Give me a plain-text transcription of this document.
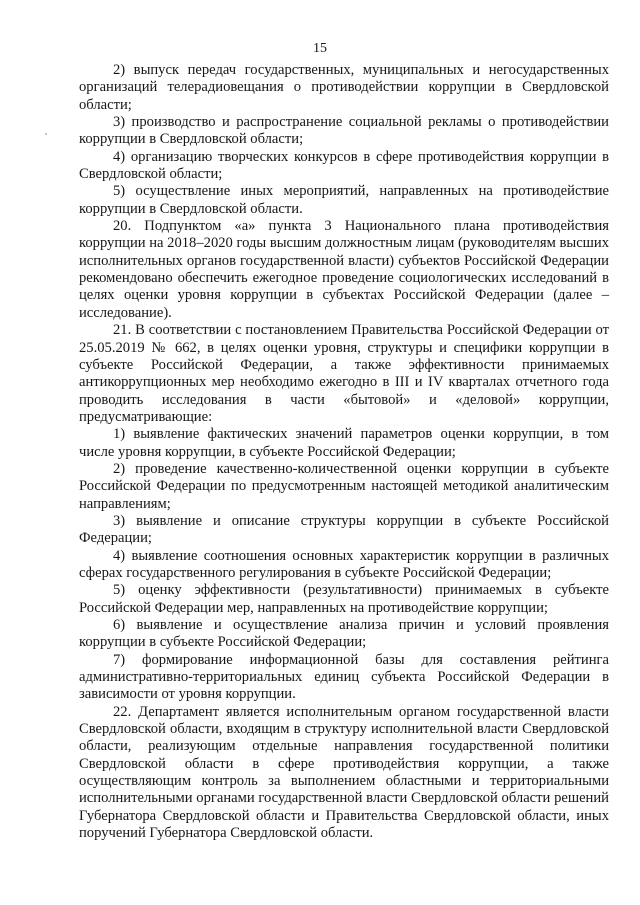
15

2) выпуск передач государственных, муниципальных и негосударственных организаций телерадиовещания о противодействии коррупции в Свердловской области;

3) производство и распространение социальной рекламы о противодействии коррупции в Свердловской области;

4) организацию творческих конкурсов в сфере противодействия коррупции в Свердловской области;

5) осуществление иных мероприятий, направленных на противодействие коррупции в Свердловской области.

20. Подпунктом «а» пункта 3 Национального плана противодействия коррупции на 2018–2020 годы высшим должностным лицам (руководителям высших исполнительных органов государственной власти) субъектов Российской Федерации рекомендовано обеспечить ежегодное проведение социологических исследований в целях оценки уровня коррупции в субъектах Российской Федерации (далее – исследование).

21. В соответствии с постановлением Правительства Российской Федерации от 25.05.2019 № 662, в целях оценки уровня, структуры и специфики коррупции в субъекте Российской Федерации, а также эффективности принимаемых антикоррупционных мер необходимо ежегодно в III и IV кварталах отчетного года проводить исследования в части «бытовой» и «деловой» коррупции, предусматривающие:

1) выявление фактических значений параметров оценки коррупции, в том числе уровня коррупции, в субъекте Российской Федерации;

2) проведение качественно-количественной оценки коррупции в субъекте Российской Федерации по предусмотренным настоящей методикой аналитическим направлениям;

3) выявление и описание структуры коррупции в субъекте Российской Федерации;

4) выявление соотношения основных характеристик коррупции в различных сферах государственного регулирования в субъекте Российской Федерации;

5) оценку эффективности (результативности) принимаемых в субъекте Российской Федерации мер, направленных на противодействие коррупции;

6) выявление и осуществление анализа причин и условий проявления коррупции в субъекте Российской Федерации;

7) формирование информационной базы для составления рейтинга административно-территориальных единиц субъекта Российской Федерации в зависимости от уровня коррупции.

22. Департамент является исполнительным органом государственной власти Свердловской области, входящим в структуру исполнительной власти Свердловской области, реализующим отдельные направления государственной политики Свердловской области в сфере противодействия коррупции, а также осуществляющим контроль за выполнением областными и территориальными исполнительными органами государственной власти Свердловской области решений Губернатора Свердловской области и Правительства Свердловской области, иных поручений Губернатора Свердловской области.
